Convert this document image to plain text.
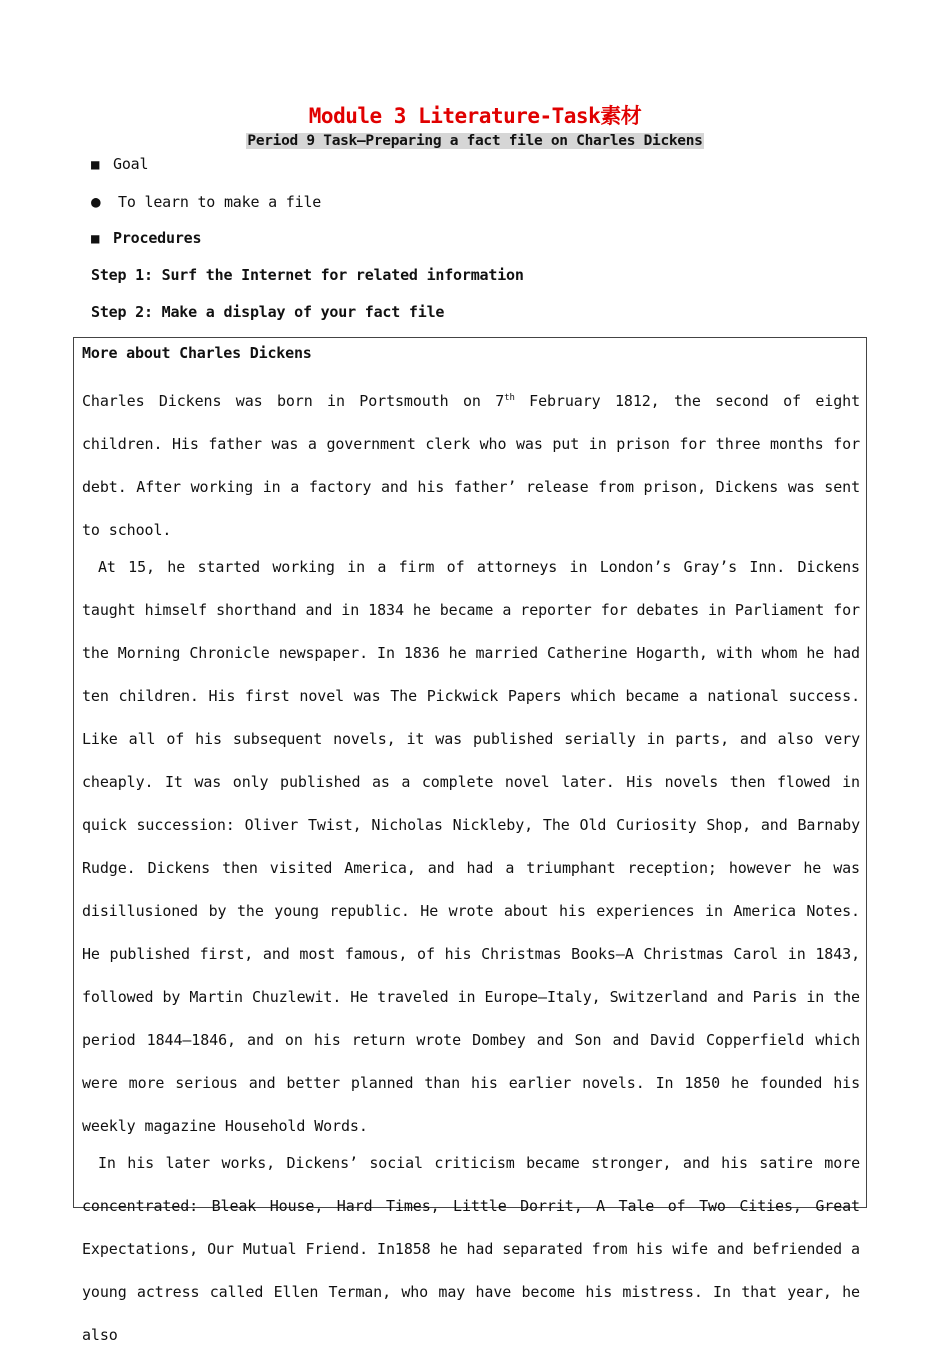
Module 3 Literature-Task素材
Period 9 Task—Preparing a fact file on Charles Dickens
■ Goal
● To learn to make a file
■ Procedures
Step 1: Surf the Internet for related information
Step 2: Make a display of your fact file
More about Charles Dickens

Charles Dickens was born in Portsmouth on 7th February 1812, the second of eight children. His father was a government clerk who was put in prison for three months for debt. After working in a factory and his father’ release from prison, Dickens was sent to school.

At 15, he started working in a firm of attorneys in London’s Gray’s Inn. Dickens taught himself shorthand and in 1834 he became a reporter for debates in Parliament for the Morning Chronicle newspaper. In 1836 he married Catherine Hogarth, with whom he had ten children. His first novel was The Pickwick Papers which became a national success. Like all of his subsequent novels, it was published serially in parts, and also very cheaply. It was only published as a complete novel later. His novels then flowed in quick succession: Oliver Twist, Nicholas Nickleby, The Old Curiosity Shop, and Barnaby Rudge. Dickens then visited America, and had a triumphant reception; however he was disillusioned by the young republic. He wrote about his experiences in America Notes. He published first, and most famous, of his Christmas Books—A Christmas Carol in 1843, followed by Martin Chuzlewit. He traveled in Europe—Italy, Switzerland and Paris in the period 1844—1846, and on his return wrote Dombey and Son and David Copperfield which were more serious and better planned than his earlier novels. In 1850 he founded his weekly magazine Household Words.

In his later works, Dickens’ social criticism became stronger, and his satire more concentrated: Bleak House, Hard Times, Little Dorrit, A Tale of Two Cities, Great Expectations, Our Mutual Friend. In1858 he had separated from his wife and befriended a young actress called Ellen Terman, who may have become his mistress. In that year, he also
